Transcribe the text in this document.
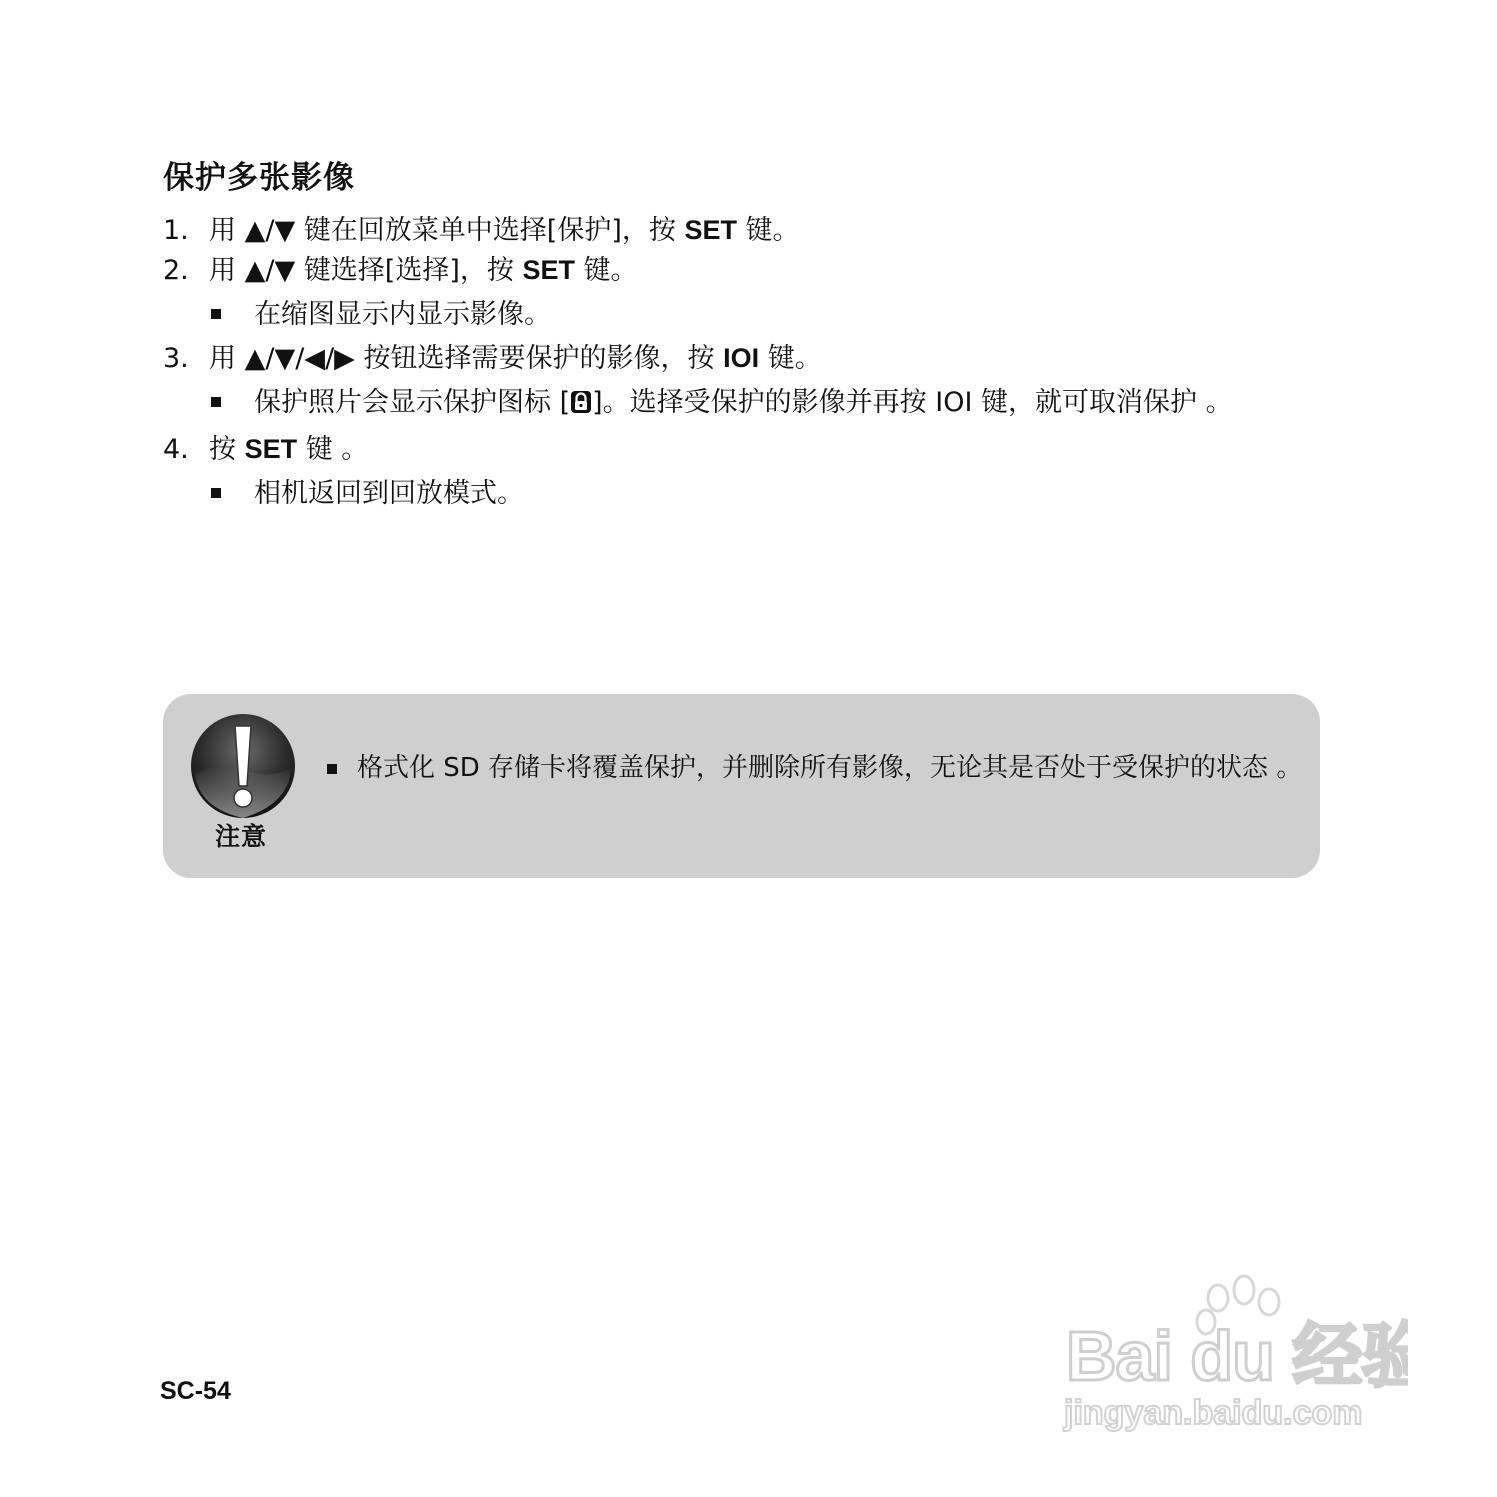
保护多张影像
1. 用 ▲/▼ 键在回放菜单中选择[保护]，按 SET 键。
2. 用 ▲/▼ 键选择[选择]，按 SET 键。
在缩图显示内显示影像。
3. 用 ▲/▼/◀/▶ 按钮选择需要保护的影像，按 IOI 键。
保护照片会显示保护图标 [ ]。选择受保护的影像并再按 IOI 键，就可取消保护 。
4. 按 SET 键 。
相机返回到回放模式。
注意
格式化 SD 存储卡将覆盖保护，并删除所有影像，无论其是否处于受保护的状态 。
SC-54	Bai du 经验
jingyan.baidu.com
